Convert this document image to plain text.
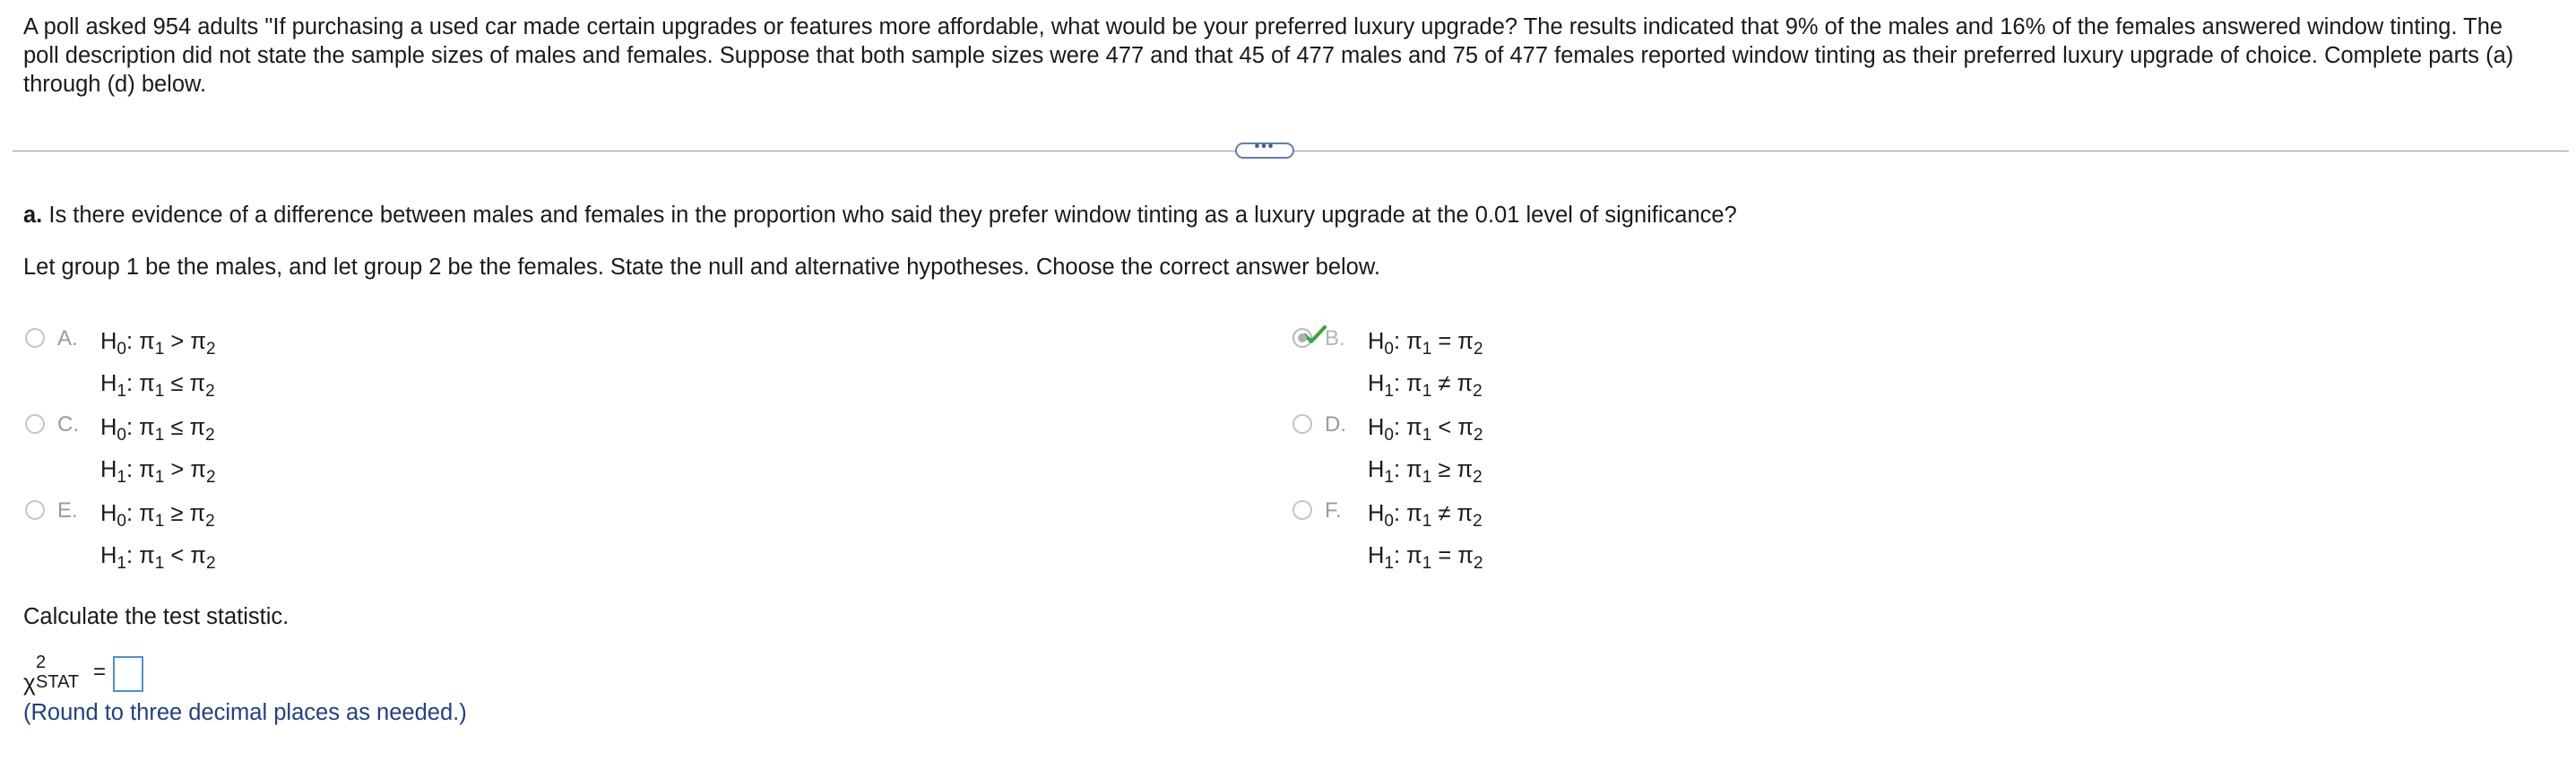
A poll asked 954 adults "If purchasing a used car made certain upgrades or features more affordable, what would be your preferred luxury upgrade? The results indicated that 9% of the males and 16% of the females answered window tinting. The poll description did not state the sample sizes of males and females. Suppose that both sample sizes were 477 and that 45 of 477 males and 75 of 477 females reported window tinting as their preferred luxury upgrade of choice. Complete parts (a) through (d) below.
•••
a. Is there evidence of a difference between males and females in the proportion who said they prefer window tinting as a luxury upgrade at the 0.01 level of significance?
Let group 1 be the males, and let group 2 be the females. State the null and alternative hypotheses. Choose the correct answer below.
A. $H_0$: $\pi_1 > \pi_2$
$H_1$: $\pi_1 \le \pi_2$
B. $H_0$: $\pi_1 = \pi_2$
$H_1$: $\pi_1 \ne \pi_2$
C. $H_0$: $\pi_1 \le \pi_2$
$H_1$: $\pi_1 > \pi_2$
D. $H_0$: $\pi_1 < \pi_2$
$H_1$: $\pi_1 \ge \pi_2$
E. $H_0$: $\pi_1 \ge \pi_2$
$H_1$: $\pi_1 < \pi_2$
F.	$H_0$: $\pi_1 \ne \pi_2$
$H_1$: $\pi_1 = \pi_2$
Calculate the test statistic.
χ
2
STAT =
(Round to three decimal places as needed.)
